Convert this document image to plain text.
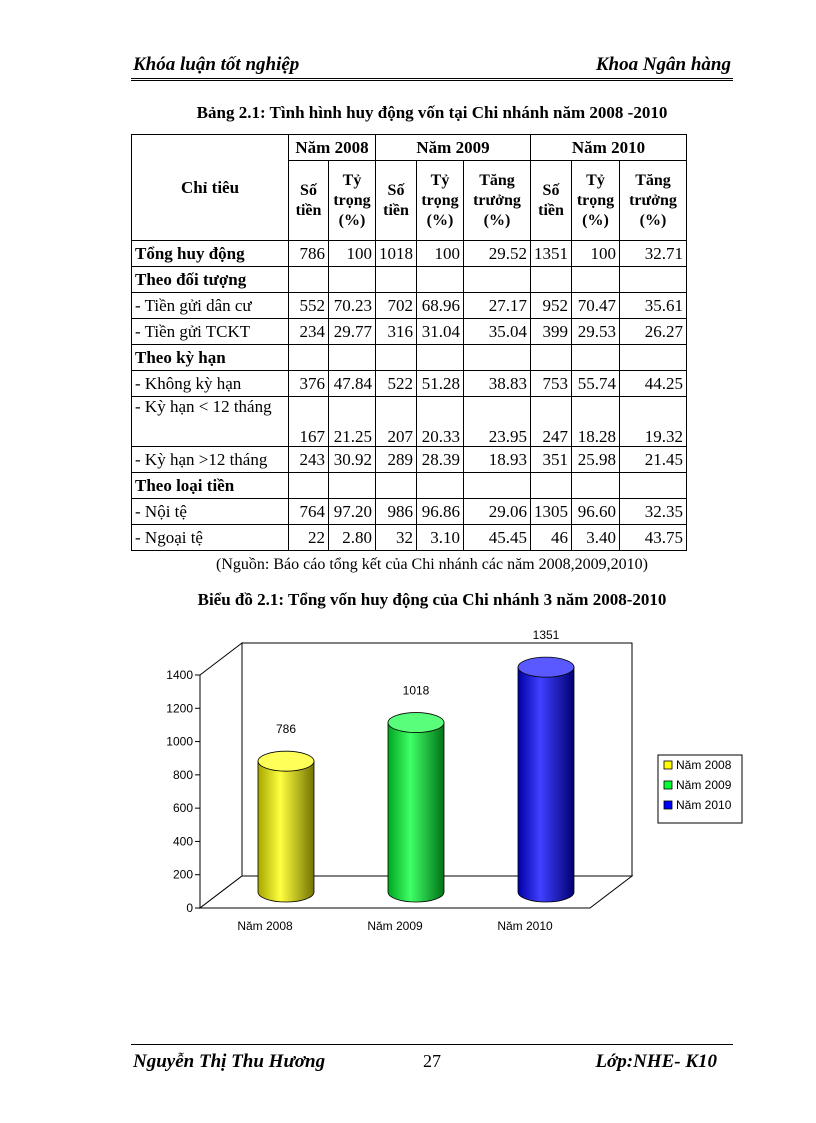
Khóa luận tốt nghiệp	Khoa Ngân hàng
Bảng 2.1: Tình hình huy động vốn tại Chi nhánh năm 2008 -2010
Chỉ tiêu	Năm 2008		Năm 2009			Năm 2010		
	Số tiền	Tỷ trọng (%)	Số tiền	Tỷ trọng (%)	Tăng trưởng (%)	Số tiền	Tỷ trọng (%)	Tăng trưởng (%)
Tổng huy động	786	100	1018	100	29.52	1351	100	32.71
Theo đối tượng								
- Tiền gửi dân cư	552	70.23	702	68.96	27.17	952	70.47	35.61
- Tiền gửi TCKT	234	29.77	316	31.04	35.04	399	29.53	26.27
Theo kỳ hạn								
- Không kỳ hạn	376	47.84	522	51.28	38.83	753	55.74	44.25
- Kỳ hạn < 12 tháng	167	21.25	207	20.33	23.95	247	18.28	19.32
- Kỳ hạn >12 tháng	243	30.92	289	28.39	18.93	351	25.98	21.45
Theo loại tiền								
- Nội tệ	764	97.20	986	96.86	29.06	1305	96.60	32.35
- Ngoại tệ	22	2.80	32	3.10	45.45	46	3.40	43.75
(Nguồn: Báo cáo tổng kết của Chi nhánh các năm 2008,2009,2010)
Biểu đồ 2.1: Tổng vốn huy động của Chi nhánh 3 năm 2008-2010
0
200
400
600
800
1000
1200
1400
786
Năm 2008
1018
Năm 2009
1351
Năm 2010
Năm 2008
Năm 2009
Năm 2010
Nguyễn Thị Thu Hương	27	Lớp:NHE- K10
